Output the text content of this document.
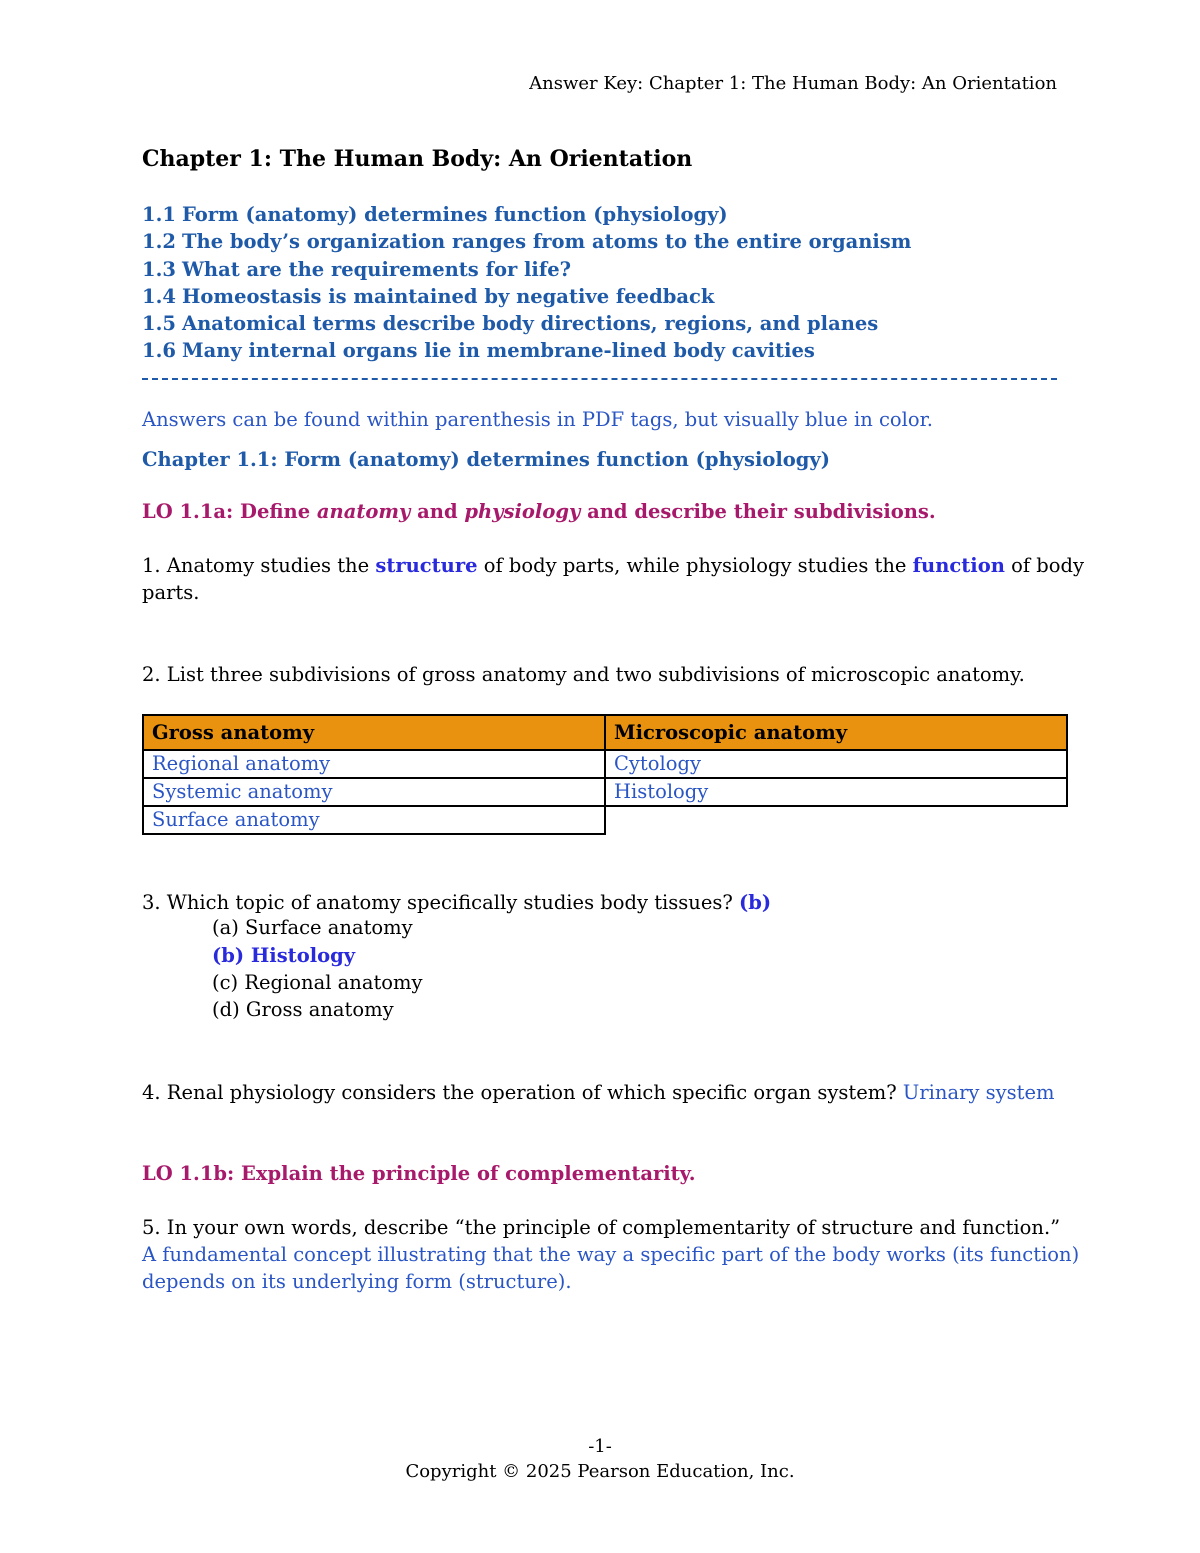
Answer Key: Chapter 1: The Human Body: An Orientation
Chapter 1: The Human Body: An Orientation
1.1 Form (anatomy) determines function (physiology)
1.2 The body’s organization ranges from atoms to the entire organism
1.3 What are the requirements for life?
1.4 Homeostasis is maintained by negative feedback
1.5 Anatomical terms describe body directions, regions, and planes
1.6 Many internal organs lie in membrane-lined body cavities
Answers can be found within parenthesis in PDF tags, but visually blue in color.
Chapter 1.1: Form (anatomy) determines function (physiology)
LO 1.1a: Define anatomy and physiology and describe their subdivisions.
1. Anatomy studies the structure of body parts, while physiology studies the function of body
parts.
2. List three subdivisions of gross anatomy and two subdivisions of microscopic anatomy.
Gross anatomy	Microscopic anatomy
Regional anatomy	Cytology
Systemic anatomy	Histology
Surface anatomy	
3. Which topic of anatomy specifically studies body tissues? (b)
(a) Surface anatomy
(b) Histology
(c) Regional anatomy
(d) Gross anatomy
4. Renal physiology considers the operation of which specific organ system? Urinary system
LO 1.1b: Explain the principle of complementarity.
5. In your own words, describe “the principle of complementarity of structure and function.”
A fundamental concept illustrating that the way a specific part of the body works (its function)
depends on its underlying form (structure).
-1-
Copyright © 2025 Pearson Education, Inc.
